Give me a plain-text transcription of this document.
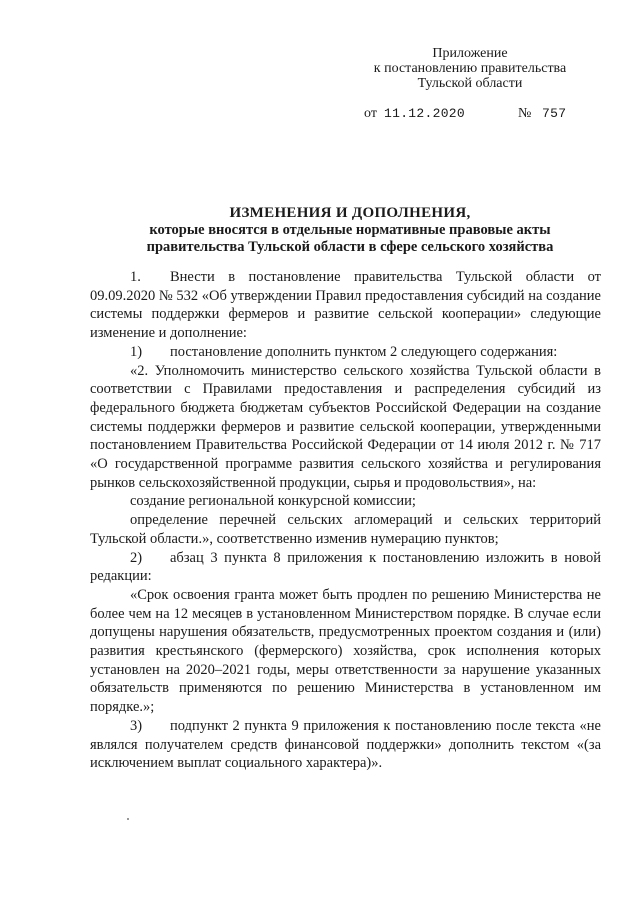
Приложение
к постановлению правительства
Тульской области
от 11.12.2020	№ 757
ИЗМЕНЕНИЯ И ДОПОЛНЕНИЯ,
которые вносятся в отдельные нормативные правовые акты
правительства Тульской области в сфере сельского хозяйства

1. Внести в постановление правительства Тульской области от 09.09.2020 № 532 «Об утверждении Правил предоставления субсидий на создание системы поддержки фермеров и развитие сельской кооперации» следующие изменение и дополнение:

1) постановление дополнить пунктом 2 следующего содержания:

«2. Уполномочить министерство сельского хозяйства Тульской области в соответствии с Правилами предоставления и распределения субсидий из федерального бюджета бюджетам субъектов Российской Федерации на создание системы поддержки фермеров и развитие сельской кооперации, утвержденными постановлением Правительства Российской Федерации от 14 июля 2012 г. № 717 «О государственной программе развития сельского хозяйства и регулирования рынков сельскохозяйственной продукции, сырья и продовольствия», на:

создание региональной конкурсной комиссии;

определение перечней сельских агломераций и сельских территорий Тульской области.», соответственно изменив нумерацию пунктов;

2) абзац 3 пункта 8 приложения к постановлению изложить в новой редакции:

«Срок освоения гранта может быть продлен по решению Министерства не более чем на 12 месяцев в установленном Министерством порядке. В случае если допущены нарушения обязательств, предусмотренных проектом создания и (или) развития крестьянского (фермерского) хозяйства, срок исполнения которых установлен на 2020–2021 годы, меры ответственности за нарушение указанных обязательств применяются по решению Министерства в установленном им порядке.»;

3) подпункт 2 пункта 9 приложения к постановлению после текста «не являлся получателем средств финансовой поддержки» дополнить текстом «(за исключением выплат социального характера)».
